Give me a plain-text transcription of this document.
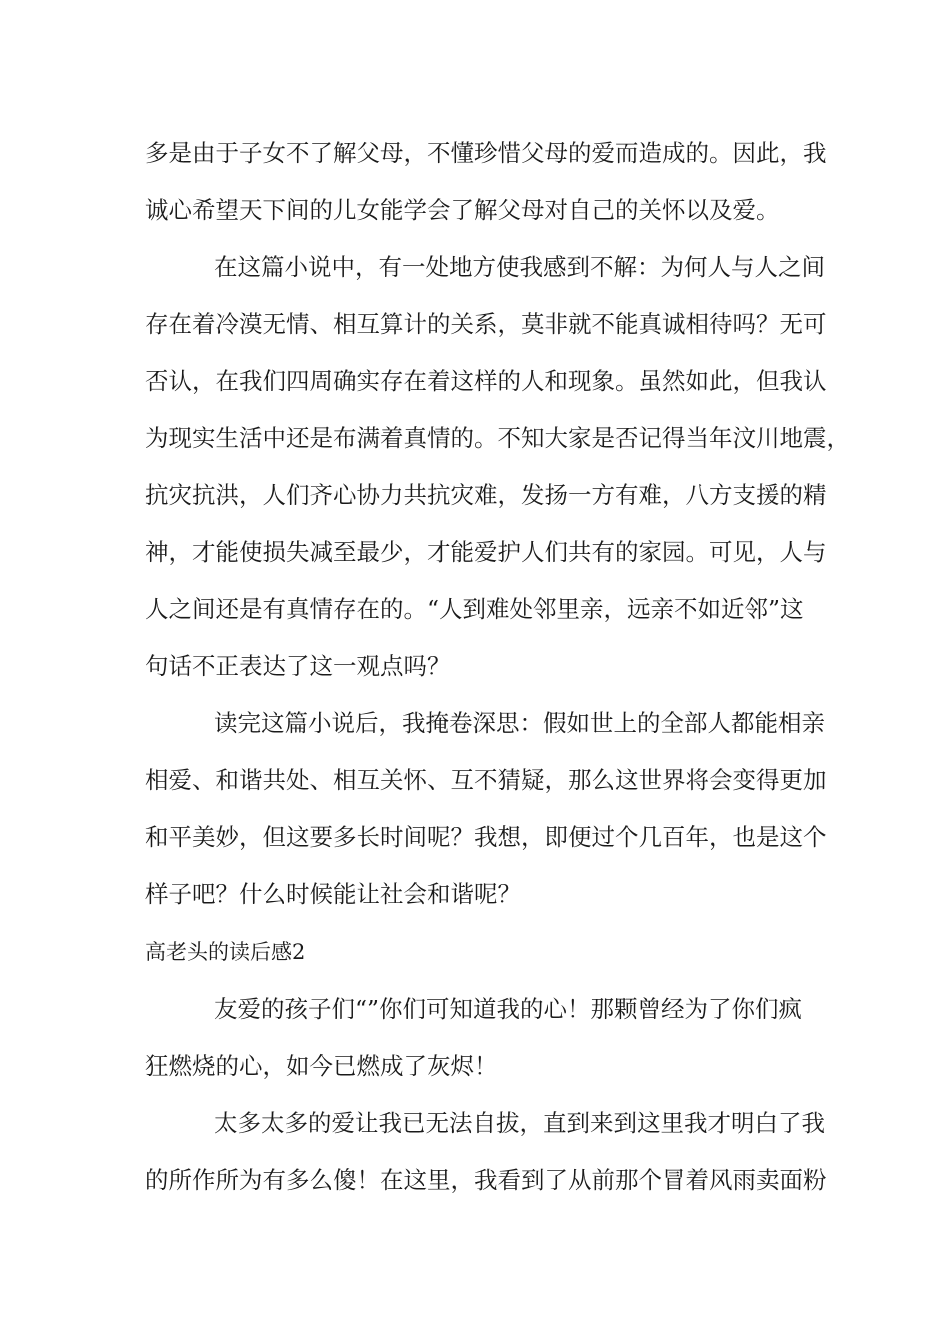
多是由于子女不了解父母，不懂珍惜父母的爱而造成的。因此，我
诚心希望天下间的儿女能学会了解父母对自己的关怀以及爱。
在这篇小说中，有一处地方使我感到不解：为何人与人之间
存在着冷漠无情、相互算计的关系，莫非就不能真诚相待吗？无可
否认，在我们四周确实存在着这样的人和现象。虽然如此，但我认
为现实生活中还是布满着真情的。不知大家是否记得当年汶川地震，
抗灾抗洪，人们齐心协力共抗灾难，发扬一方有难，八方支援的精
神，才能使损失减至最少，才能爱护人们共有的家园。可见，人与
人之间还是有真情存在的。“人到难处邻里亲，远亲不如近邻”这
句话不正表达了这一观点吗？
读完这篇小说后，我掩卷深思：假如世上的全部人都能相亲
相爱、和谐共处、相互关怀、互不猜疑，那么这世界将会变得更加
和平美妙，但这要多长时间呢？我想，即便过个几百年，也是这个
样子吧？什么时候能让社会和谐呢？
高老头的读后感2
友爱的孩子们“”你们可知道我的心！那颗曾经为了你们疯
狂燃烧的心，如今已燃成了灰烬！
太多太多的爱让我已无法自拔，直到来到这里我才明白了我
的所作所为有多么傻！在这里，我看到了从前那个冒着风雨卖面粉
